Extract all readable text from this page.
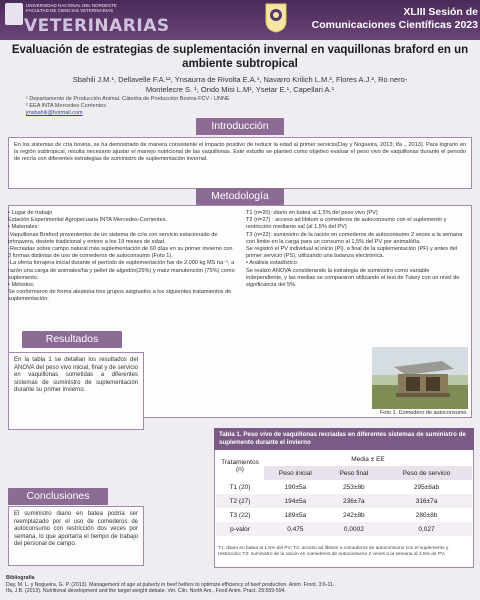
UNIVERSIDAD NACIONAL DEL NORDESTE
FACULTAD DE CIENCIAS VETERINARIAS
VETERINARIAS
XLIII Sesión de
Comunicaciones Científicas 2023
Evaluación de estrategias de suplementación invernal en vaquillonas braford en un ambiente subtropical
Sbahili J.M.¹, Dellavelle F.A.¹², Ynsaurra de Rivolta E.A.¹, Navarro Krilich L.M.², Flores A.J.², Ro nero-
Montelecre S. ¹, Ondo Misi L.M¹, Ysetar E.¹, Capellari A.¹
¹ Departamento de Producción Animal. Cátedra de Producción Bovina FCV - UNNE
² EEA INTA Mercedes Corrientes
jmsbahili@hotmail.com
Introducción
En los sistemas de cría bovina, se ha demostrado de manera consistente el impacto positivo de reducir la edad al primer servicio(Day y Nogueira, 2013; Ifa ., 2013). Para lograrlo en la región subtropical, resulta necesario ajustar el manejo nutricional de las vaquillonas. Este estudio se planteó como objetivo evaluar el peso vivo de vaquillonas durante el periodo de recría con diferentes estrategias de suministro de suplementación invernal.
Metodología

• Lugar de trabajo

Estación Experimental Agropecuaria INTA Mercedes-Corrientes.

• Materiales:

-Vaquillonas Braford provenientes de un sistema de cría con servicio estacionado de primavera, destete tradicional y entore a los 19 meses de edad.

-Recriadas sobre campo natural más suplementación de 60 días en su primer invierno con 3 formas distintas de uso de comederos de autoconsumo (Foto 1).

-La oferta forrajera inicial durante el período de suplementación fue de 2.000 kg MS ha⁻¹, a razón una carga de animales/ha y pellet de algodón(25%) y maíz manutención (75%) como suplemento.

• Métodos:

Se conformaron de forma aleatoria tres grupos asignados a los siguientes tratamientos de suplementación:

T1 (n=20): diario en batea al 1,5% del peso vivo (PV)

T2 (n=27) : acceso ad libitum a comederos de autoconsumo con el suplemento y restricción mediante sal (al 1,5% del PV)

T3 (n=22): suministro de la ración en comederos de autoconsumo 2 veces a la semana con límite en la carga para un consumo al 1,5% del PV por animal/día.

Se registró el PV individual al inicio (PI), a final de la suplementación (PF) y antes del primer servicio (PS), utilizando una balanza electrónica.

• Análisis estadístico:

Se realizó ANOVA considerando la estrategia de suministro como variable independiente, y las medias se compararon utilizando el test de Tukey con un nivel de significancia del 5%.

Foto 1. Comedero de autoconsumo.
Resultados
En la tabla 1 se detallan los resultados del ANOVA del peso vivo inicial, final y de servicio en vaquillonas sometidas a diferentes sistemas de suministro de suplementación durante su primer invierno.
Conclusiones
El suministro diario en batea podría ser reemplazado por el uso de comederos de autoconsumo con restricción dos veces por semana, lo que aportaría el tiempo de trabajo del personal de campo.
Tabla 1. Peso vivo de vaquillonas recriadas en diferentes sistemas de suministro de suplemento durante el invierno
Tratamientos
(n)	Media ± EE		
	Peso inicial	Peso final	Peso de servicio
T1 (20)	190±5a	253±8b	295±8ab
T2 (27)	194±5a	236±7a	316±7a
T3 (22)	189±5a	242±8b	280±8b
p-valor	0,475	0,0002	0,027
T1: diario en batea al 1,5% del PV; T2: acceso ad libitum a comederos de autoconsumo con el suplemento y restricción; T3: suministro de la ración en comederos de autoconsumo 2 veces a la semana al 1,5% de PV.
Bibliografía
Day, M. L. y Nogueira, G. P. (2013). Management of age at puberty in beef heifers to optimize efficiency of beef production. Anim. Front. 3:6-11.
Ifa, J.B. (2013). Nutritional development and the target weight debate. Vet. Clin. North Am., Food Anim. Pract. 29:559-594.
